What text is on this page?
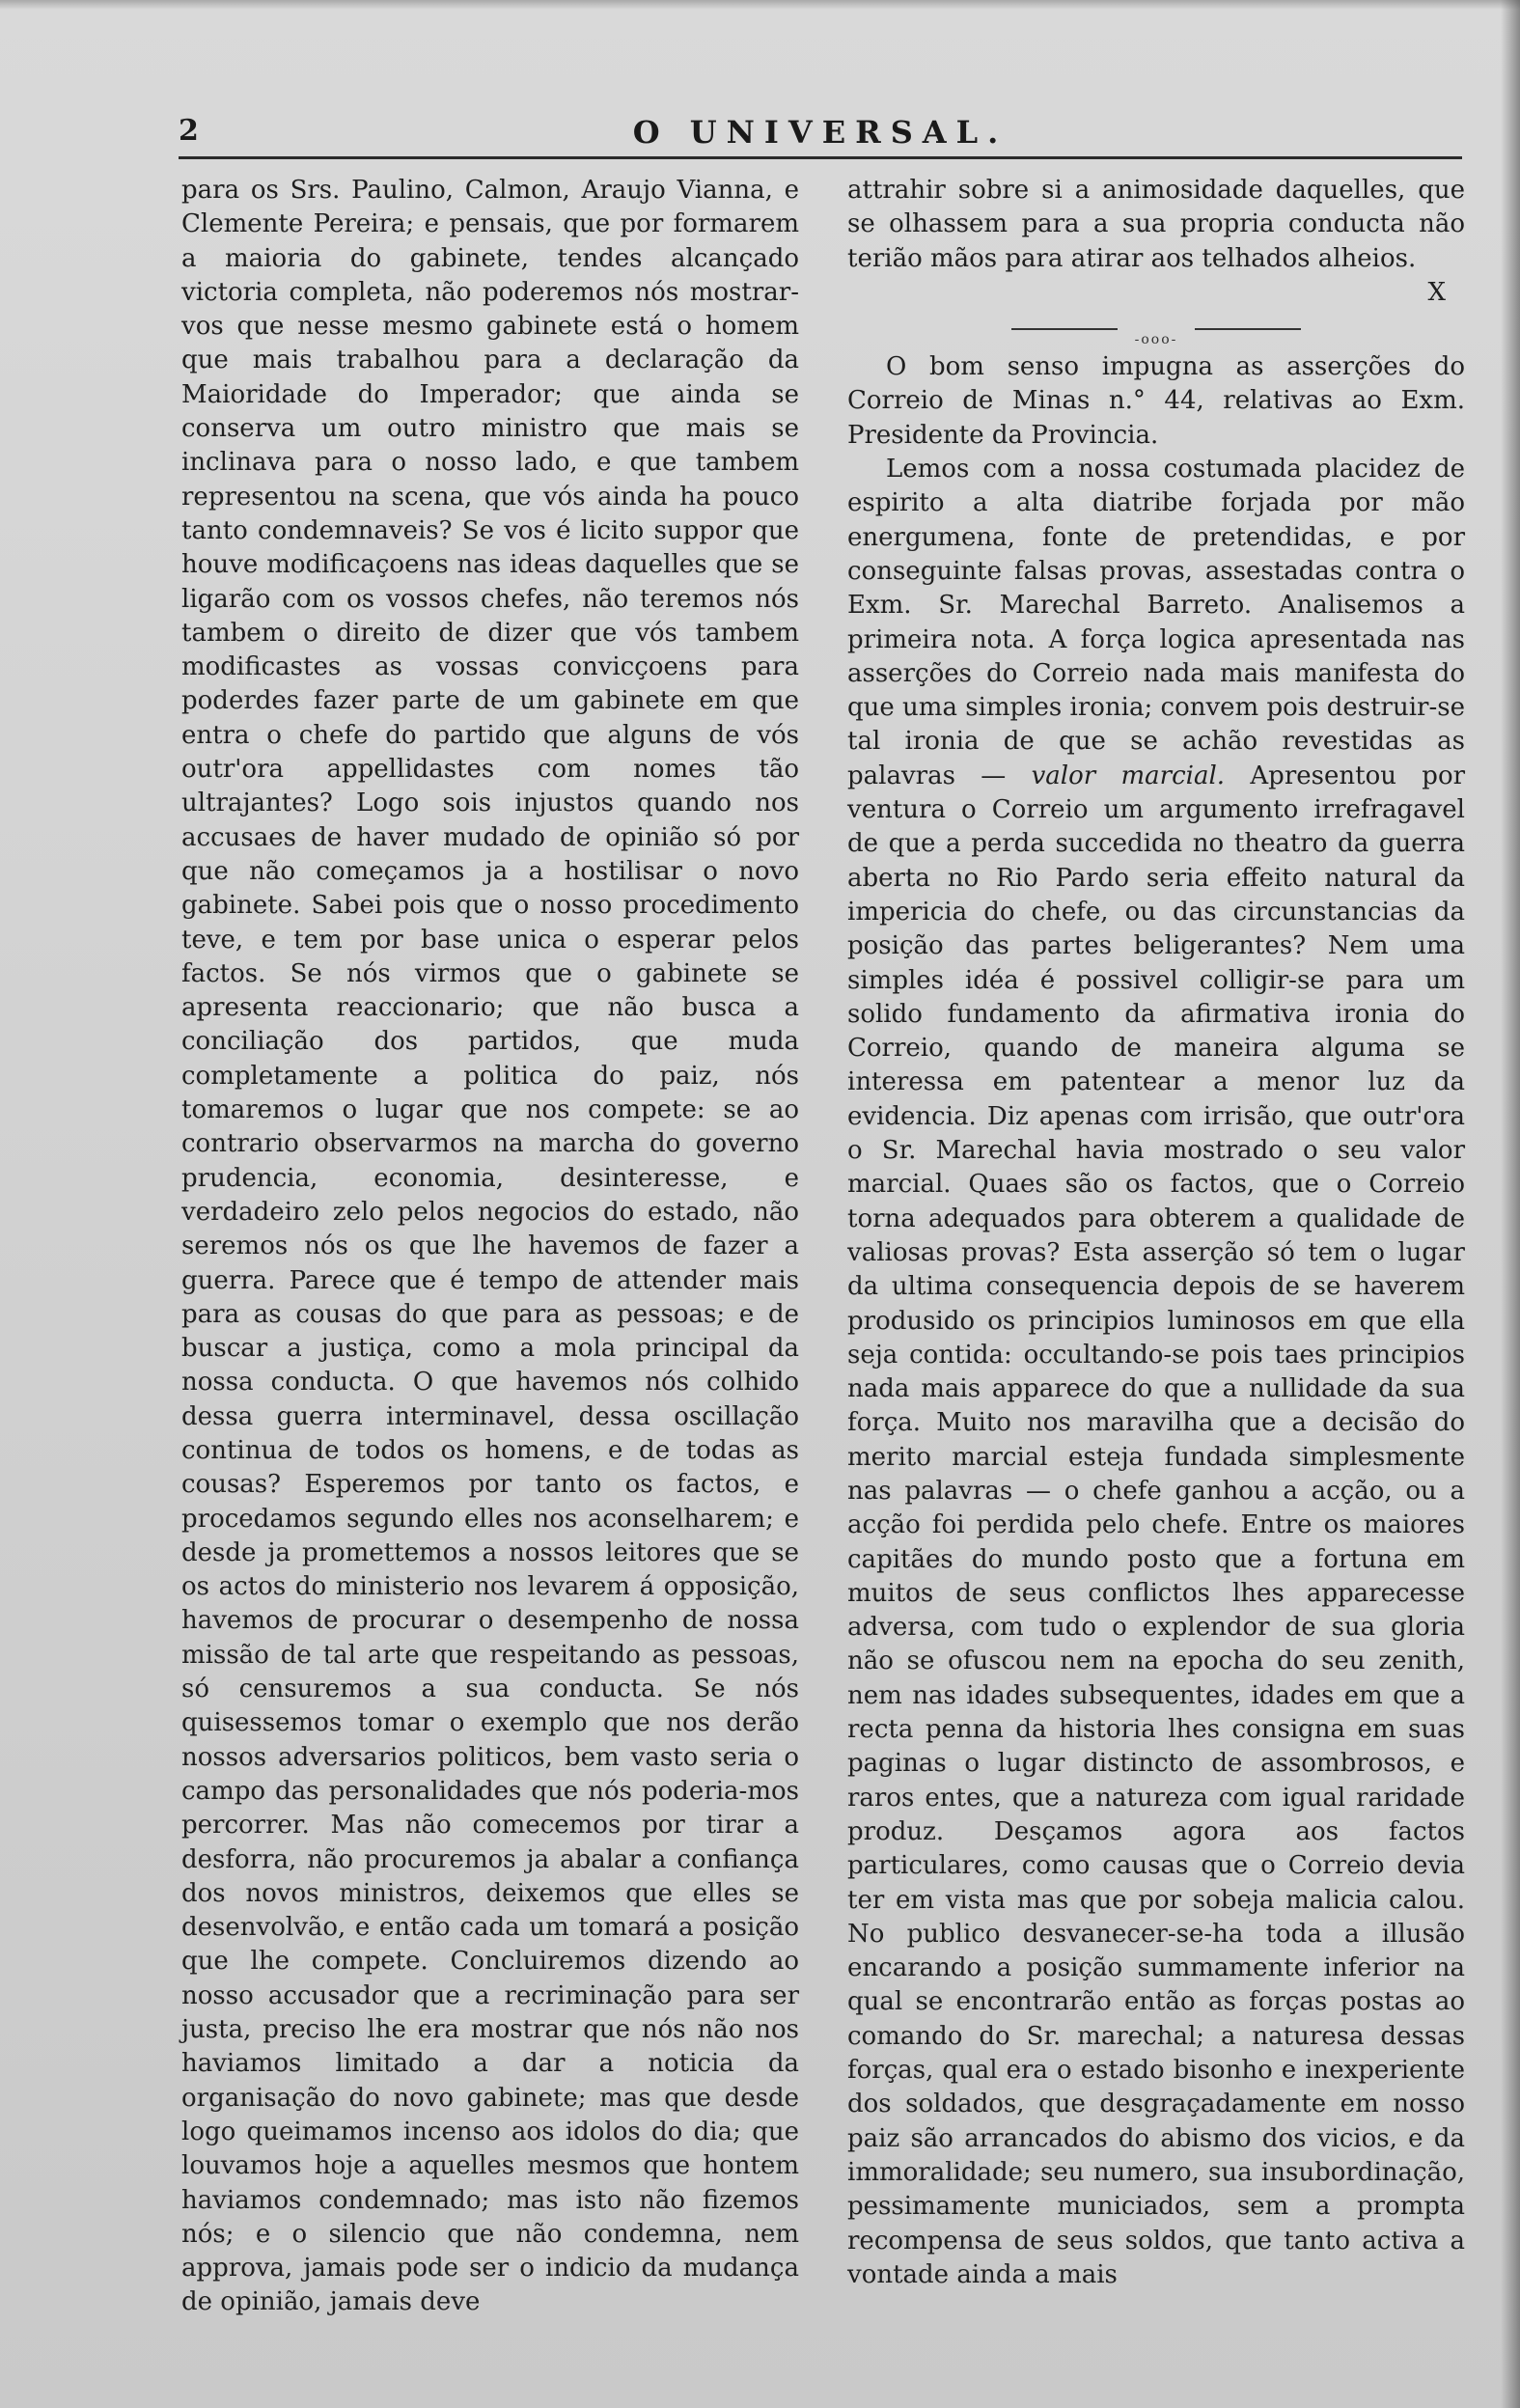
2	O UNIVERSAL.

para os Srs. Paulino, Calmon, Araujo Vianna, e Clemente Pereira; e pensais, que por formarem a maioria do gabinete, tendes alcançado victoria completa, não poderemos nós mostrar-vos que nesse mesmo gabinete está o homem que mais trabalhou para a declaração da Maioridade do Imperador; que ainda se conserva um outro ministro que mais se inclinava para o nosso lado, e que tambem representou na scena, que vós ainda ha pouco tanto condemnaveis? Se vos é licito suppor que houve modificaçoens nas ideas daquelles que se ligarão com os vossos chefes, não teremos nós tambem o direito de dizer que vós tambem modificastes as vossas convicçoens para poderdes fazer parte de um gabinete em que entra o chefe do partido que alguns de vós outr'ora appellidastes com nomes tão ultrajantes? Logo sois injustos quando nos accusaes de haver mudado de opinião só por que não começamos ja a hostilisar o novo gabinete. Sabei pois que o nosso procedimento teve, e tem por base unica o esperar pelos factos. Se nós virmos que o gabinete se apresenta reaccionario; que não busca a conciliação dos partidos, que muda completamente a politica do paiz, nós tomaremos o lugar que nos compete: se ao contrario observarmos na marcha do governo prudencia, economia, desinteresse, e verdadeiro zelo pelos negocios do estado, não seremos nós os que lhe havemos de fazer a guerra. Parece que é tempo de attender mais para as cousas do que para as pessoas; e de buscar a justiça, como a mola principal da nossa conducta. O que havemos nós colhido dessa guerra interminavel, dessa oscillação continua de todos os homens, e de todas as cousas? Esperemos por tanto os factos, e procedamos segundo elles nos aconselharem; e desde ja promettemos a nossos leitores que se os actos do ministerio nos levarem á opposição, havemos de procurar o desempenho de nossa missão de tal arte que respeitando as pessoas, só censuremos a sua conducta. Se nós quisessemos tomar o exemplo que nos derão nossos adversarios politicos, bem vasto seria o campo das personalidades que nós poderia-mos percorrer. Mas não comecemos por tirar a desforra, não procuremos ja abalar a confiança dos novos ministros, deixemos que elles se desenvolvão, e então cada um tomará a posição que lhe compete. Concluiremos dizendo ao nosso accusador que a recriminação para ser justa, preciso lhe era mostrar que nós não nos haviamos limitado a dar a noticia da organisação do novo gabinete; mas que desde logo queimamos incenso aos idolos do dia; que louvamos hoje a aquelles mesmos que hontem haviamos condemnado; mas isto não fizemos nós; e o silencio que não condemna, nem approva, jamais pode ser o indicio da mudança de opinião, jamais deve

attrahir sobre si a animosidade daquelles, que se olhassem para a sua propria conducta não terião mãos para atirar aos telhados alheios.

X

-ooo-

O bom senso impugna as asserções do Correio de Minas n.° 44, relativas ao Exm. Presidente da Provincia.

Lemos com a nossa costumada placidez de espirito a alta diatribe forjada por mão energumena, fonte de pretendidas, e por conseguinte falsas provas, assestadas contra o Exm. Sr. Marechal Barreto. Analisemos a primeira nota. A força logica apresentada nas asserções do Correio nada mais manifesta do que uma simples ironia; convem pois destruir-se tal ironia de que se achão revestidas as palavras — valor marcial. Apresentou por ventura o Correio um argumento irrefragavel de que a perda succedida no theatro da guerra aberta no Rio Pardo seria effeito natural da impericia do chefe, ou das circunstancias da posição das partes beligerantes? Nem uma simples idéa é possivel colligir-se para um solido fundamento da afirmativa ironia do Correio, quando de maneira alguma se interessa em patentear a menor luz da evidencia. Diz apenas com irrisão, que outr'ora o Sr. Marechal havia mostrado o seu valor marcial. Quaes são os factos, que o Correio torna adequados para obterem a qualidade de valiosas provas? Esta asserção só tem o lugar da ultima consequencia depois de se haverem produsido os principios luminosos em que ella seja contida: occultando-se pois taes principios nada mais apparece do que a nullidade da sua força. Muito nos maravilha que a decisão do merito marcial esteja fundada simplesmente nas palavras — o chefe ganhou a acção, ou a acção foi perdida pelo chefe. Entre os maiores capitães do mundo posto que a fortuna em muitos de seus conflictos lhes apparecesse adversa, com tudo o explendor de sua gloria não se ofuscou nem na epocha do seu zenith, nem nas idades subsequentes, idades em que a recta penna da historia lhes consigna em suas paginas o lugar distincto de assombrosos, e raros entes, que a natureza com igual raridade produz. Desçamos agora aos factos particulares, como causas que o Correio devia ter em vista mas que por sobeja malicia calou. No publico desvanecer-se-ha toda a illusão encarando a posição summamente inferior na qual se encontrarão então as forças postas ao comando do Sr. marechal; a naturesa dessas forças, qual era o estado bisonho e inexperiente dos soldados, que desgraçadamente em nosso paiz são arrancados do abismo dos vicios, e da immoralidade; seu numero, sua insubordinação, pessimamente municiados, sem a prompta recompensa de seus soldos, que tanto activa a vontade ainda a mais
